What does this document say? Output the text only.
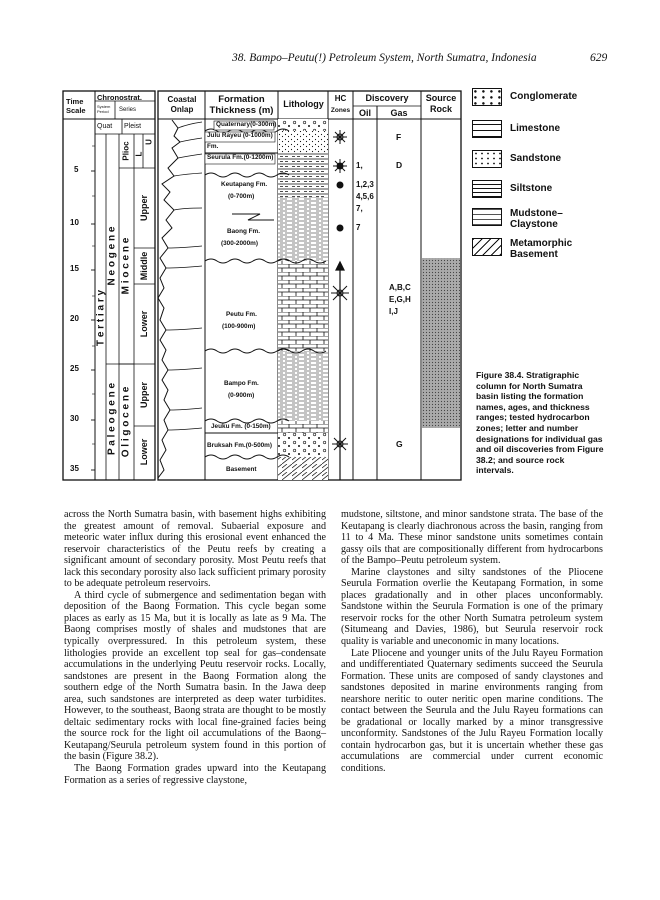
38. Bampo–Peutu(!) Petroleum System, North Sumatra, Indonesia	629
Time
Scale
Chronostrat.
System
Period Series
Coastal
Onlap
Formation
Thickness (m)
Lithology
HC
Zones
Discovery
Oil	Gas
Source
Rock
Quat Pleist
5
10
15
20
25
30
35
T e r t i a r y
P a l e o g e n e
N e o g e n e
O l i g o c e n e
M i o c e n e
Plioc L
U
Upper
Middle
Lower
Upper
Lower
Quaternary(0-300m)
Julu Rayeu (0-1000m)
Fm.
Seurula Fm.(0-1200m)
Keutapang Fm.
(0-700m)
Baong Fm.
(300-2000m)
Peutu Fm.
(100-900m)
Bampo Fm.
(0-900m)
Jeuku Fm. (0-150m)
Bruksah Fm.(0-500m)
Basement
F
D
1,
1,2,3
4,5,6
7,
7
A,B,C
E,G,H
I,J
G
Conglomerate
Limestone
Sandstone
Siltstone
Mudstone–
Claystone
Metamorphic
Basement
Figure 38.4. Stratigraphic column for North Sumatra basin listing the formation names, ages, and thickness ranges; tested hydrocarbon zones; letter and number designations for individual gas and oil discoveries from Figure 38.2; and source rock intervals.

across the North Sumatra basin, with basement highs exhibiting the greatest amount of removal. Subaerial exposure and meteoric water influx during this erosional event enhanced the reservoir characteristics of the Peutu reefs by creating a significant amount of secondary porosity. Most Peutu reefs that lack this secondary porosity also lack sufficient primary porosity to be adequate petroleum reservoirs.

A third cycle of submergence and sedimentation began with deposition of the Baong Formation. This cycle began some places as early as 15 Ma, but it is locally as late as 9 Ma. The Baong comprises mostly of shales and mudstones that are typically overpressured. In this petroleum system, these lithologies provide an excellent top seal for gas–condensate accumulations in the underlying Peutu reservoir rocks. Locally, sandstones are present in the Baong Formation along the southern edge of the North Sumatra basin. In the Jawa deep area, such sandstones are interpreted as deep water turbidites. However, to the southeast, Baong strata are thought to be mostly deltaic sedimentary rocks with local fine-grained facies being the source rock for the light oil accumulations of the Baong–Keutapang/Seurula petroleum system found in this portion of the basin (Figure 38.2).

The Baong Formation grades upward into the Keutapang Formation as a series of regressive claystone,

mudstone, siltstone, and minor sandstone strata. The base of the Keutapang is clearly diachronous across the basin, ranging from 11 to 4 Ma. These minor sandstone units sometimes contain gassy oils that are compositionally different from hydrocarbons of the Bampo–Peutu petroleum system.

Marine claystones and silty sandstones of the Pliocene Seurula Formation overlie the Keutapang Formation, in some places gradationally and in other places unconformably. Sandstone within the Seurula Formation is one of the primary reservoir rocks for the other North Sumatra petroleum system (Situmeang and Davies, 1986), but Seurula reservoir rock quality is variable and uneconomic in many locations.

Late Pliocene and younger units of the Julu Rayeu Formation and undifferentiated Quaternary sediments succeed the Seurula Formation. These units are composed of sandy claystones and sandstones deposited in marine environments ranging from nearshore neritic to outer neritic open marine conditions. The contact between the Seurula and the Julu Rayeu formations can be gradational or locally marked by a minor transgressive unconformity. Sandstones of the Julu Rayeu Formation locally contain hydrocarbon gas, but it is uncertain whether these gas accumulations are commercial under current economic conditions.
